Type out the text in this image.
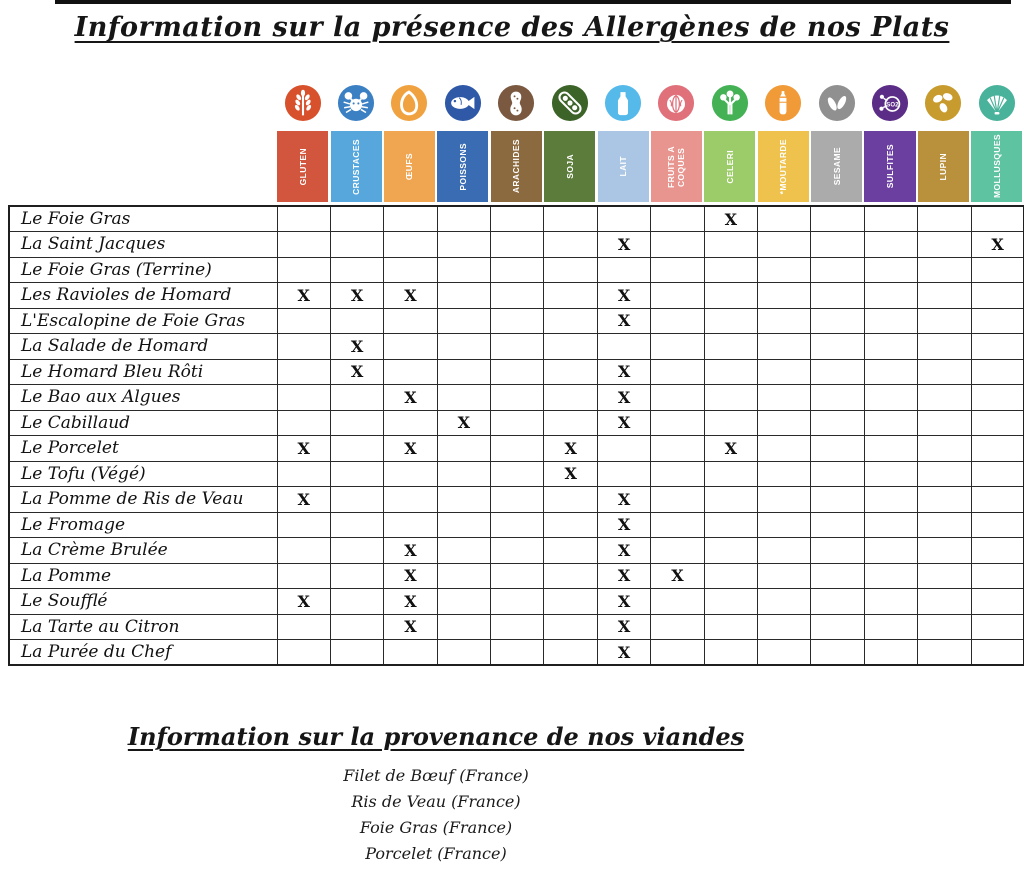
Information sur la présence des Allergènes de nos Plats
SO2
GLUTEN	CRUSTACES	ŒUFS	POISSONS	ARACHIDES	SOJA	LAIT	FRUITS A COQUES	CELERI	*MOUTARDE	SESAME	SULFITES	LUPIN	MOLLUSQUES
Le Foie Gras									X					
La Saint Jacques							X							X
Le Foie Gras (Terrine)														
Les Ravioles de Homard	X	X	X				X							
L'Escalopine de Foie Gras							X							
La Salade de Homard		X												
Le Homard Bleu Rôti		X					X							
Le Bao aux Algues			X				X							
Le Cabillaud				X			X							
Le Porcelet	X		X			X			X					
Le Tofu (Végé)						X								
La Pomme de Ris de Veau	X						X							
Le Fromage							X							
La Crème Brulée			X				X							
La Pomme			X				X	X						
Le Soufflé	X		X				X							
La Tarte au Citron			X				X							
La Purée du Chef							X							
Information sur la provenance de nos viandes
Filet de Bœuf (France)
Ris de Veau (France)
Foie Gras (France)
Porcelet (France)
